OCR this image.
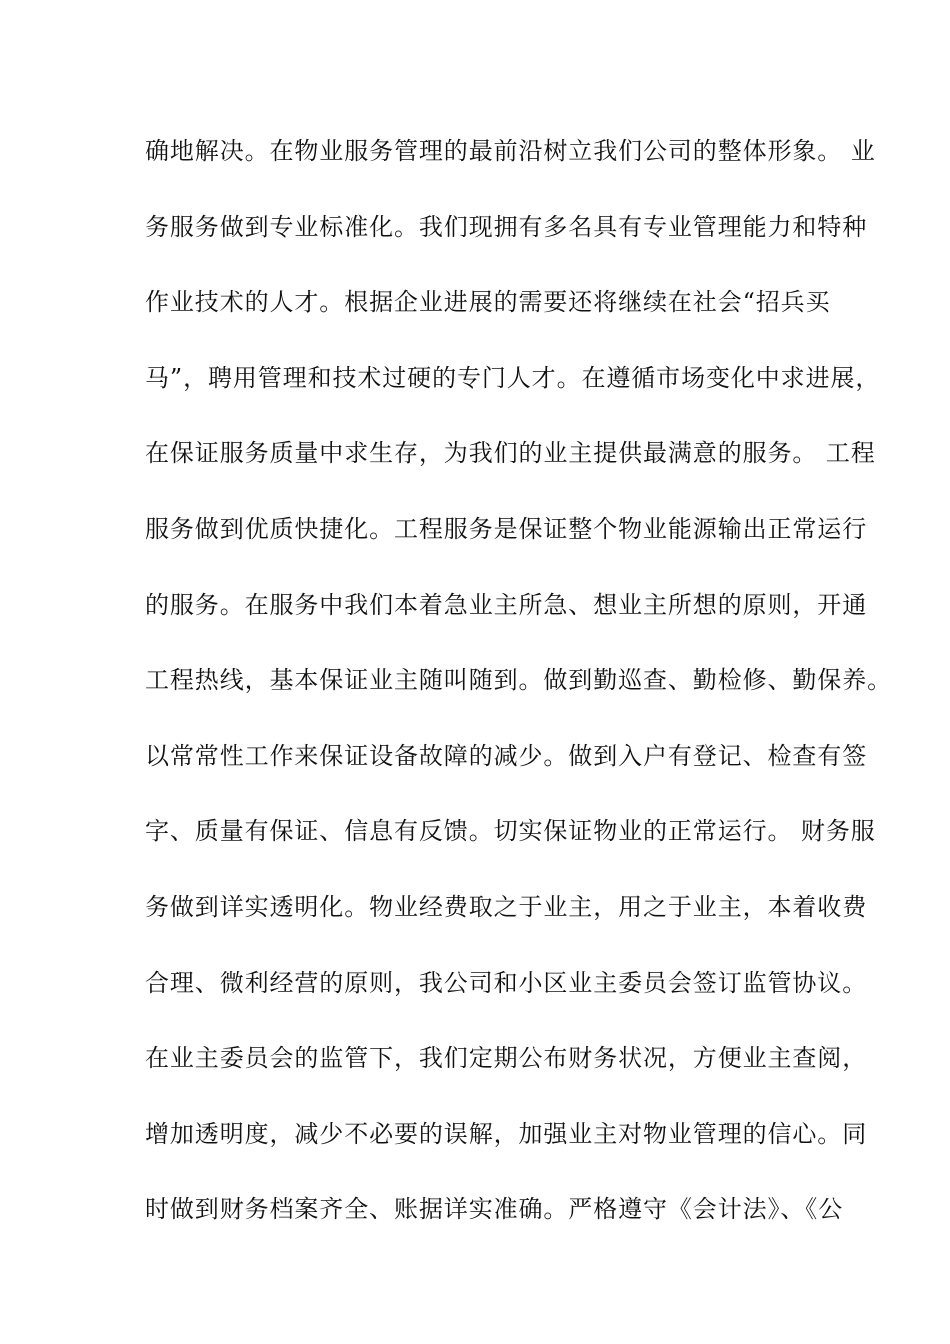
确地解决。在物业服务管理的最前沿树立我们公司的整体形象。 业
务服务做到专业标准化。我们现拥有多名具有专业管理能力和特种
作业技术的人才。根据企业进展的需要还将继续在社会“招兵买
马”，聘用管理和技术过硬的专门人才。在遵循市场变化中求进展，
在保证服务质量中求生存，为我们的业主提供最满意的服务。 工程
服务做到优质快捷化。工程服务是保证整个物业能源输出正常运行
的服务。在服务中我们本着急业主所急、想业主所想的原则，开通
工程热线，基本保证业主随叫随到。做到勤巡查、勤检修、勤保养。
以常常性工作来保证设备故障的减少。做到入户有登记、检查有签
字、质量有保证、信息有反馈。切实保证物业的正常运行。 财务服
务做到详实透明化。物业经费取之于业主，用之于业主，本着收费
合理、微利经营的原则，我公司和小区业主委员会签订监管协议。
在业主委员会的监管下，我们定期公布财务状况，方便业主查阅，
增加透明度，减少不必要的误解，加强业主对物业管理的信心。同
时做到财务档案齐全、账据详实准确。严格遵守《会计法》、《公
